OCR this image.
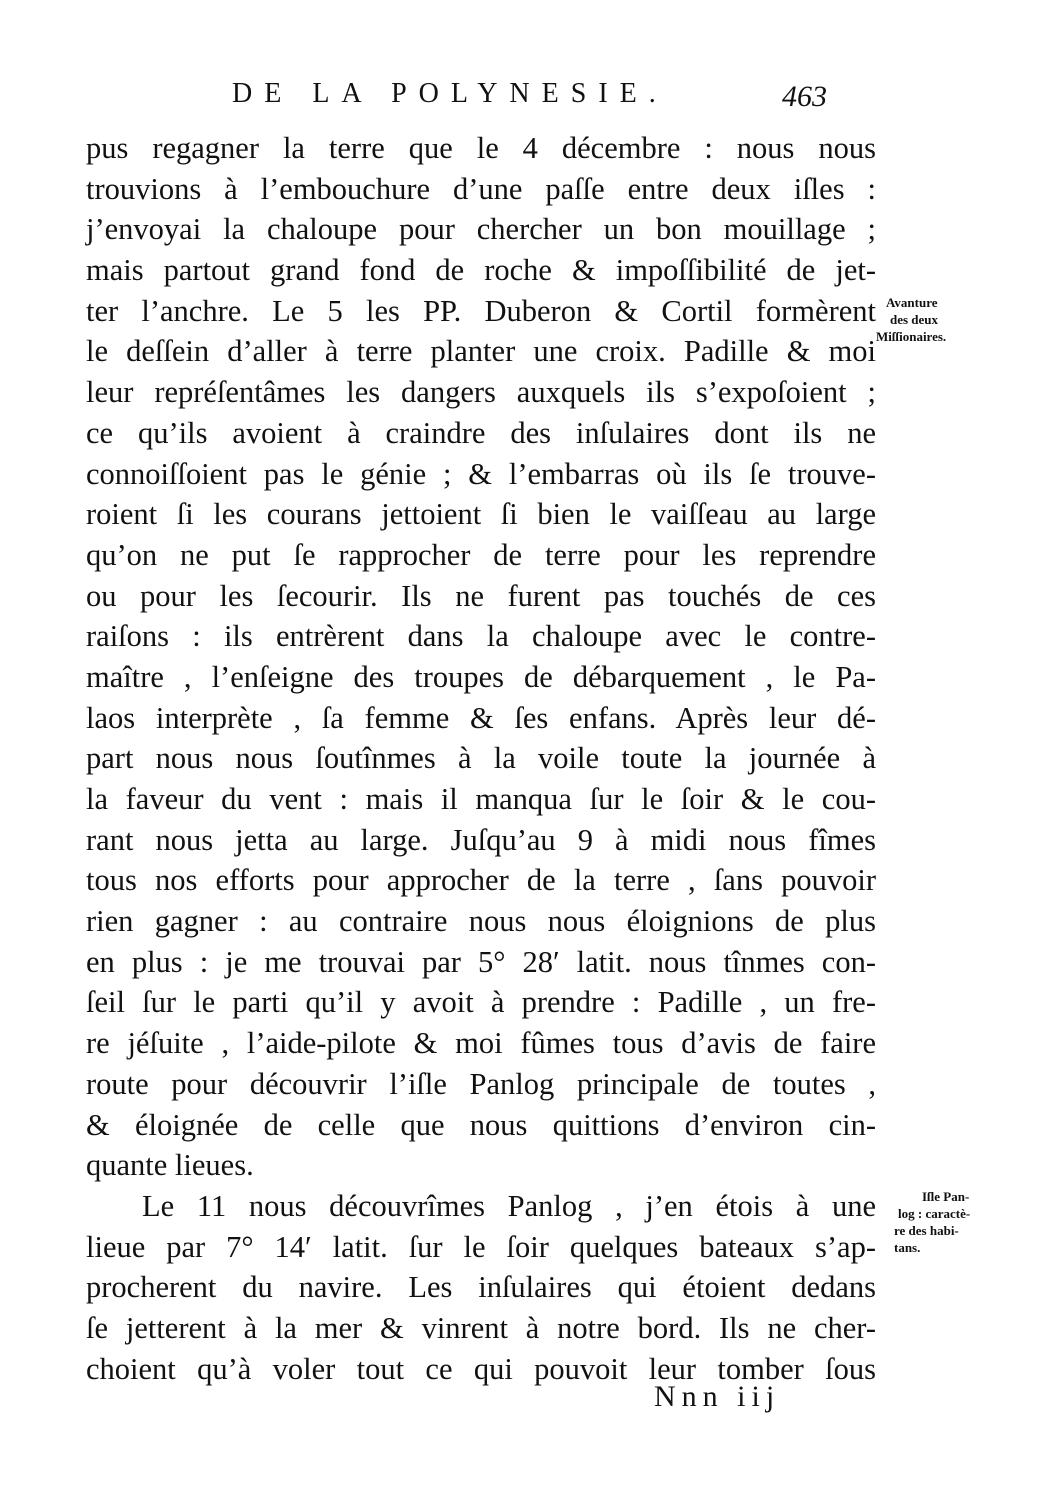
DE LA POLYNESIE.	463
pus regagner la terre que le 4 décembre : nous nous
trouvions à l’embouchure d’une paſſe entre deux iſles :
j’envoyai la chaloupe pour chercher un bon mouillage ;
mais partout grand fond de roche & impoſſibilité de jet-
ter l’anchre. Le 5 les PP. Duberon & Cortil formèrent
le deſſein d’aller à terre planter une croix. Padille & moi
leur repréſentâmes les dangers auxquels ils s’expoſoient ;
ce qu’ils avoient à craindre des inſulaires dont ils ne
connoiſſoient pas le génie ; & l’embarras où ils ſe trouve-
roient ſi les courans jettoient ſi bien le vaiſſeau au large
qu’on ne put ſe rapprocher de terre pour les reprendre
ou pour les ſecourir. Ils ne furent pas touchés de ces
raiſons : ils entrèrent dans la chaloupe avec le contre-
maître , l’enſeigne des troupes de débarquement , le Pa-
laos interprète , ſa femme & ſes enfans. Après leur dé-
part nous nous ſoutînmes à la voile toute la journée à
la faveur du vent : mais il manqua ſur le ſoir & le cou-
rant nous jetta au large. Juſqu’au 9 à midi nous fîmes
tous nos efforts pour approcher de la terre , ſans pouvoir
rien gagner : au contraire nous nous éloignions de plus
en plus : je me trouvai par 5° 28′ latit. nous tînmes con-
ſeil ſur le parti qu’il y avoit à prendre : Padille , un fre-
re jéſuite , l’aide-pilote & moi fûmes tous d’avis de faire
route pour découvrir l’iſle Panlog principale de toutes ,
& éloignée de celle que nous quittions d’environ cin-
quante lieues.
Le 11 nous découvrîmes Panlog , j’en étois à une
lieue par 7° 14′ latit. ſur le ſoir quelques bateaux s’ap-
procherent du navire. Les inſulaires qui étoient dedans
ſe jetterent à la mer & vinrent à notre bord. Ils ne cher-
choient qu’à voler tout ce qui pouvoit leur tomber ſous
Avanture
des deux
Miſſionaires.
Iſle Pan-
log : caractè-
re des habi-
tans.
Nnn iij
